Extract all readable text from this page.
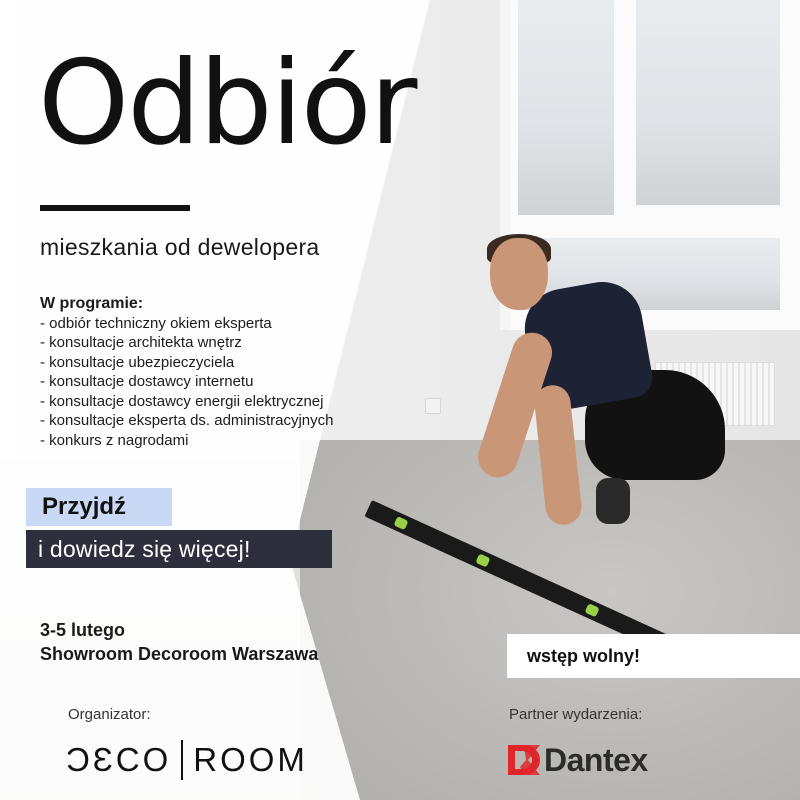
Odbiór
mieszkania od dewelopera
W programie:
- odbiór techniczny okiem eksperta
- konsultacje architekta wnętrz
- konsultacje ubezpieczyciela
- konsultacje dostawcy internetu
- konsultacje dostawcy energii elektrycznej
- konsultacje eksperta ds. administracyjnych
- konkurs z nagrodami
Przyjdź
i dowiedz się więcej!
3-5 lutego
Showroom Decoroom Warszawa	wstęp wolny!
Organizator:	Partner wydarzenia:
ƆƐCO ROOM	Dantex
